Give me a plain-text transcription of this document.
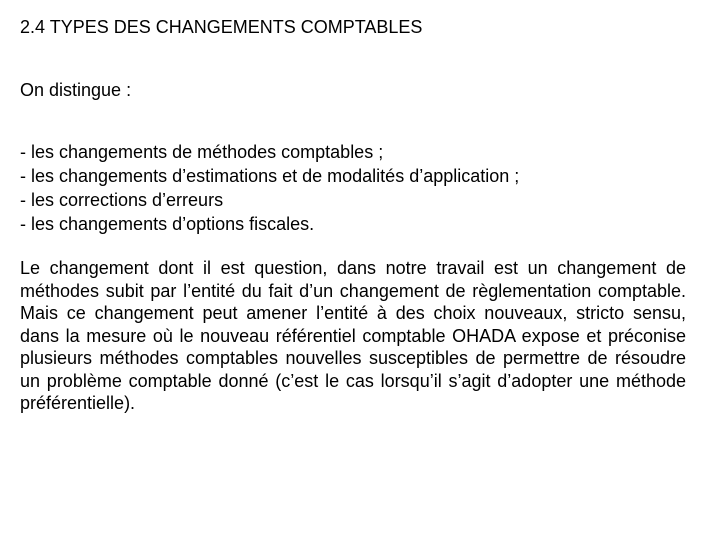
2.4 TYPES DES CHANGEMENTS COMPTABLES
On distingue :
- les changements de méthodes comptables ;
- les changements d’estimations et de modalités d’application ;
- les corrections d’erreurs
- les changements d’options fiscales.

Le changement dont il est question, dans notre travail est un changement de méthodes subit par l’entité du fait d’un changement de règlementation comptable. Mais ce changement peut amener l’entité à des choix nouveaux, stricto sensu, dans la mesure où le nouveau référentiel comptable OHADA expose et préconise plusieurs méthodes comptables nouvelles susceptibles de permettre de résoudre un problème comptable donné (c’est le cas lorsqu’il s’agit d’adopter une méthode préférentielle).
